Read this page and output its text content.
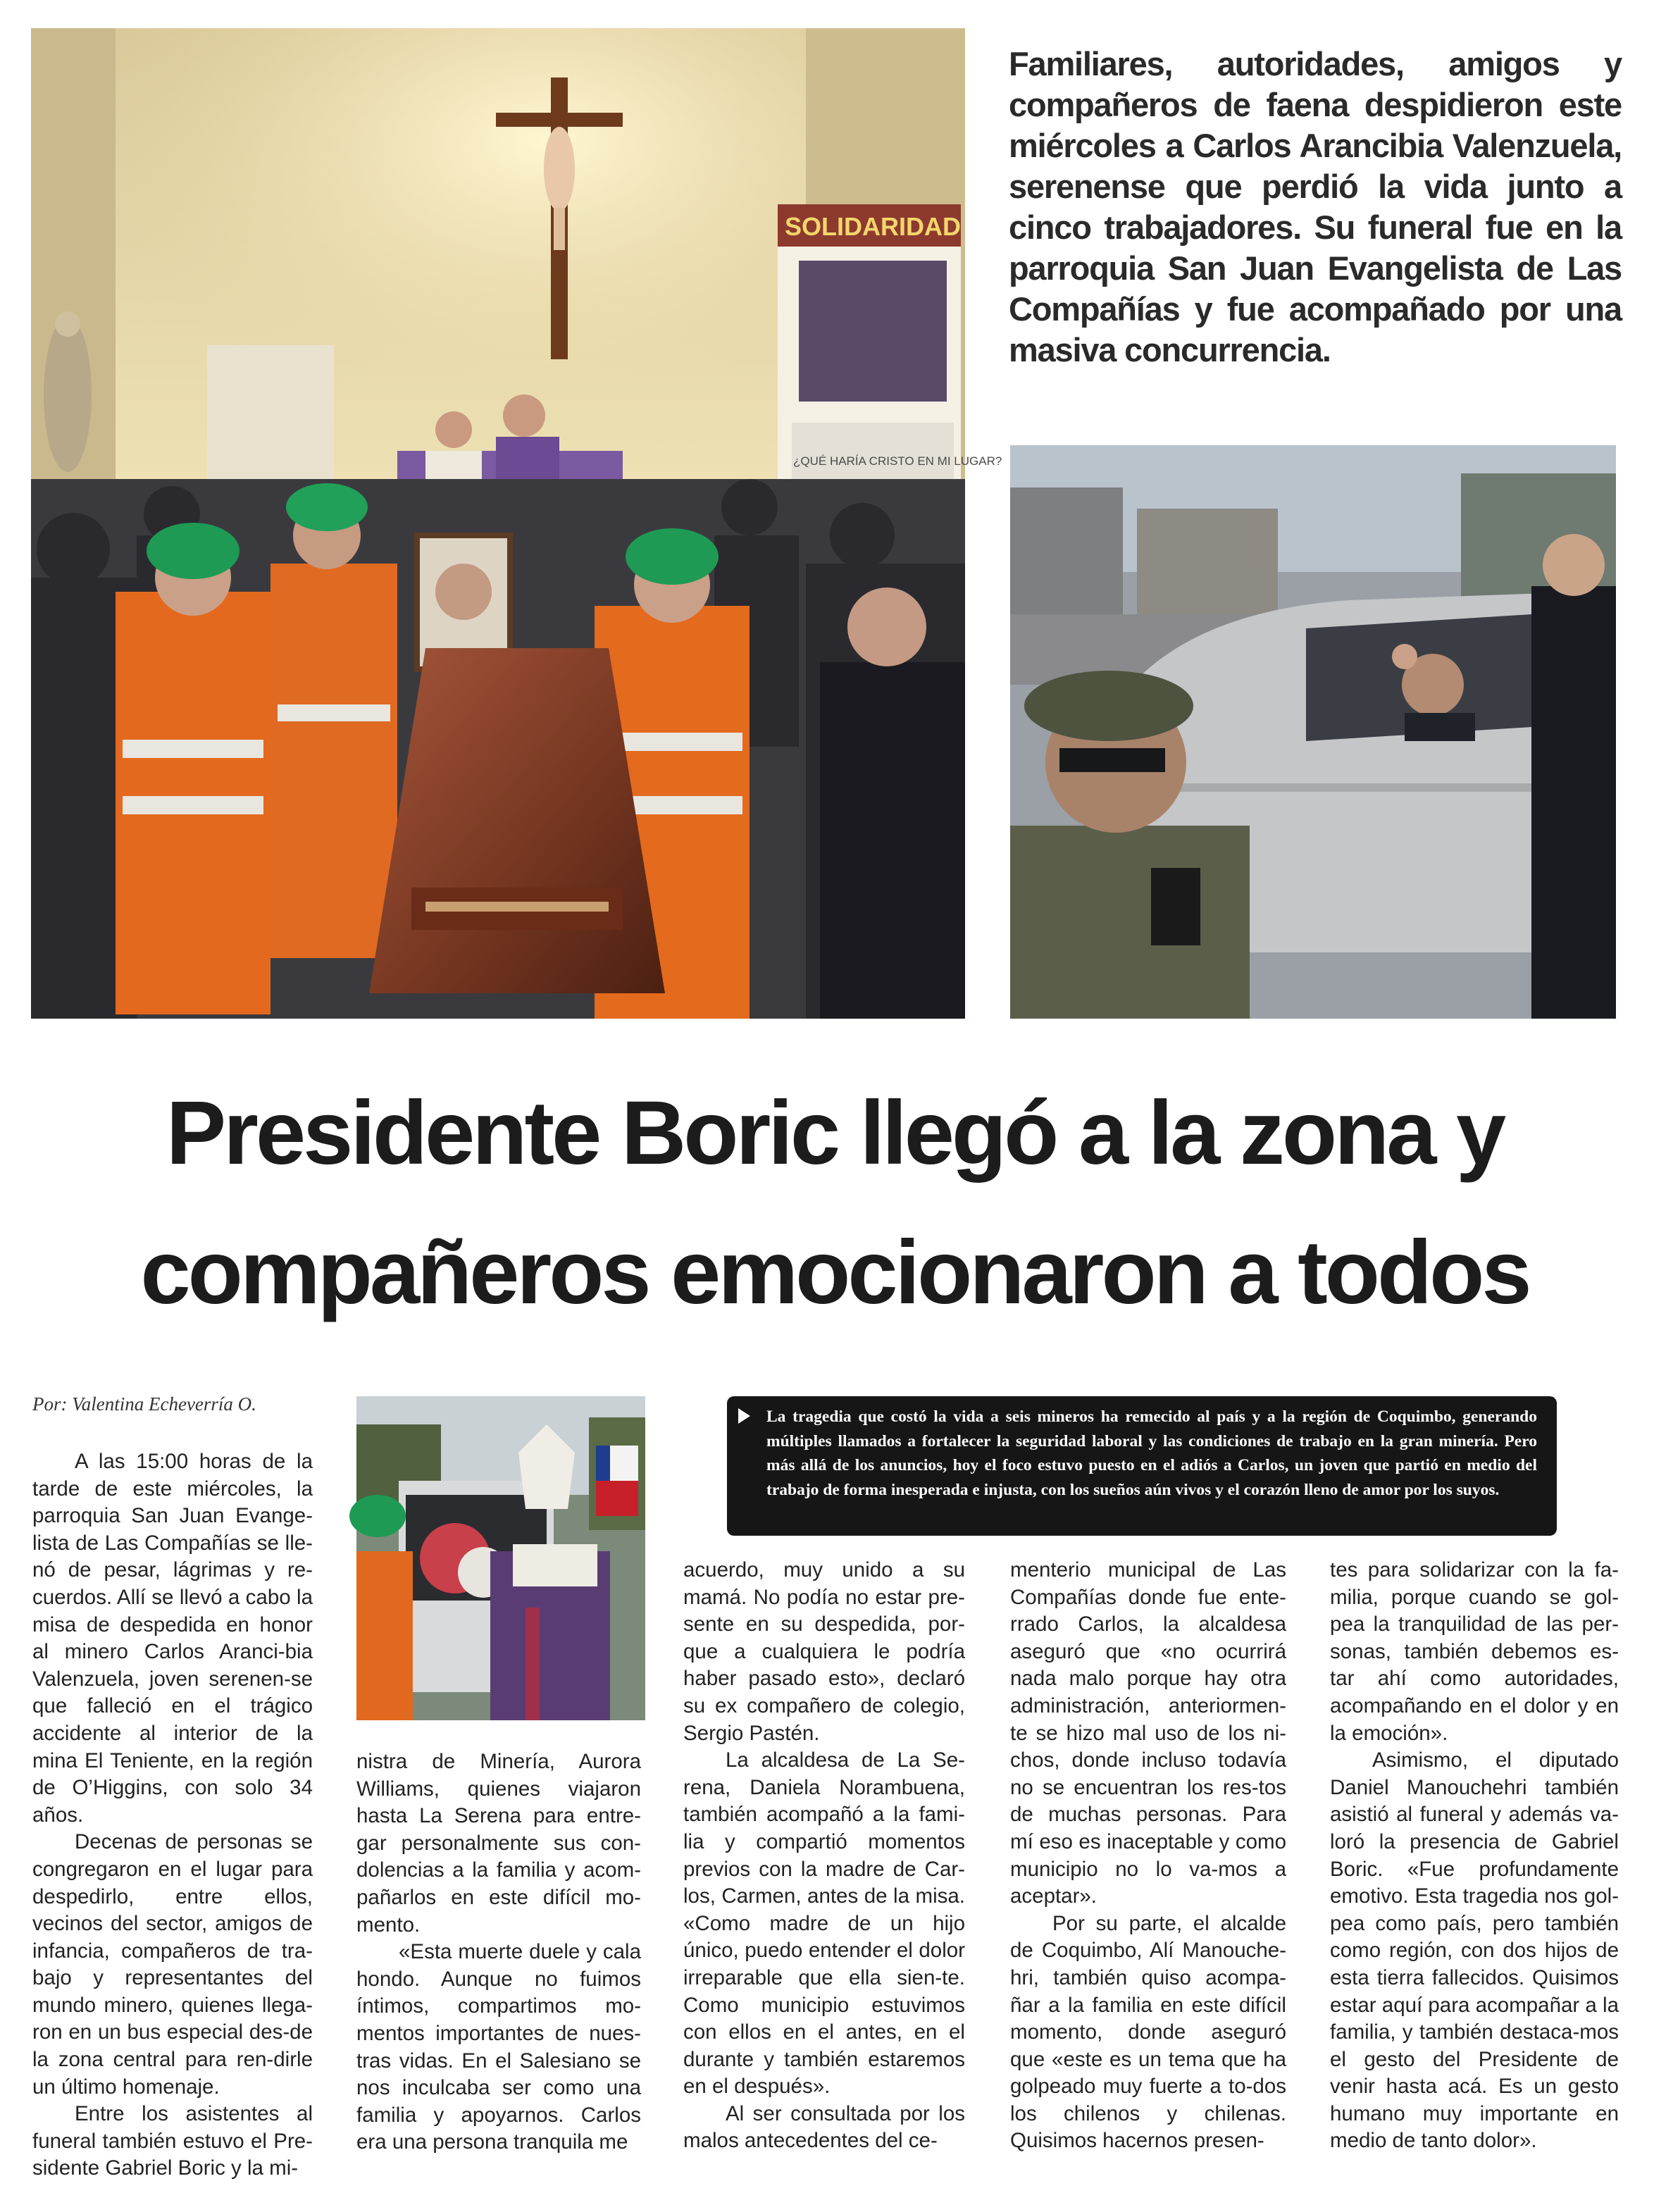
SOLIDARIDAD
¿QUÉ HARÍA CRISTO EN MI LUGAR?
Familiares, autoridades, amigos y compañeros de faena despidieron este miércoles a Carlos Arancibia Valenzuela, serenense que perdió la vida junto a cinco trabajadores. Su funeral fue en la parroquia San Juan Evangelista de Las Compañías y fue acompañado por una masiva concurrencia.
Presidente Boric llegó a la zona y compañeros emocionaron a todos
Por: Valentina Echeverría O.
La tragedia que costó la vida a seis mineros ha remecido al país y a la región de Coquimbo, generando múltiples llamados a fortalecer la seguridad laboral y las condiciones de trabajo en la gran minería. Pero más allá de los anuncios, hoy el foco estuvo puesto en el adiós a Carlos, un joven que partió en medio del trabajo de forma inesperada e injusta, con los sueños aún vivos y el corazón lleno de amor por los suyos.

A las 15:00 horas de la tarde de este miércoles, la parroquia San Juan Evange-lista de Las Compañías se lle-nó de pesar, lágrimas y re-cuerdos. Allí se llevó a cabo la misa de despedida en honor al minero Carlos Aranci-bia Valenzuela, joven serenen-se que falleció en el trágico accidente al interior de la mina El Teniente, en la región de O’Higgins, con solo 34 años.

Decenas de personas se congregaron en el lugar para despedirlo, entre ellos, vecinos del sector, amigos de infancia, compañeros de tra-bajo y representantes del mundo minero, quienes llega-ron en un bus especial des-de la zona central para ren-dirle un último homenaje.

Entre los asistentes al funeral también estuvo el Pre-sidente Gabriel Boric y la mi-

nistra de Minería, Aurora Williams, quienes viajaron hasta La Serena para entre-gar personalmente sus con-dolencias a la familia y acom-pañarlos en este difícil mo-mento.

«Esta muerte duele y cala hondo. Aunque no fuimos íntimos, compartimos mo-mentos importantes de nues-tras vidas. En el Salesiano se nos inculcaba ser como una familia y apoyarnos. Carlos era una persona tranquila me

acuerdo, muy unido a su mamá. No podía no estar pre-sente en su despedida, por-que a cualquiera le podría haber pasado esto», declaró su ex compañero de colegio, Sergio Pastén.

La alcaldesa de La Se-rena, Daniela Norambuena, también acompañó a la fami-lia y compartió momentos previos con la madre de Car-los, Carmen, antes de la misa. «Como madre de un hijo único, puedo entender el dolor irreparable que ella sien-te. Como municipio estuvimos con ellos en el antes, en el durante y también estaremos en el después».

Al ser consultada por los malos antecedentes del ce-

menterio municipal de Las Compañías donde fue ente-rrado Carlos, la alcaldesa aseguró que «no ocurrirá nada malo porque hay otra administración, anteriormen-te se hizo mal uso de los ni-chos, donde incluso todavía no se encuentran los res-tos de muchas personas. Para mí eso es inaceptable y como municipio no lo va-mos a aceptar».

Por su parte, el alcalde de Coquimbo, Alí Manouche-hri, también quiso acompa-ñar a la familia en este difícil momento, donde aseguró que «este es un tema que ha golpeado muy fuerte a to-dos los chilenos y chilenas. Quisimos hacernos presen-

tes para solidarizar con la fa-milia, porque cuando se gol-pea la tranquilidad de las per-sonas, también debemos es-tar ahí como autoridades, acompañando en el dolor y en la emoción».

Asimismo, el diputado Daniel Manouchehri también asistió al funeral y además va-loró la presencia de Gabriel Boric. «Fue profundamente emotivo. Esta tragedia nos gol-pea como país, pero también como región, con dos hijos de esta tierra fallecidos. Quisimos estar aquí para acompañar a la familia, y también destaca-mos el gesto del Presidente de venir hasta acá. Es un gesto humano muy importante en medio de tanto dolor».
